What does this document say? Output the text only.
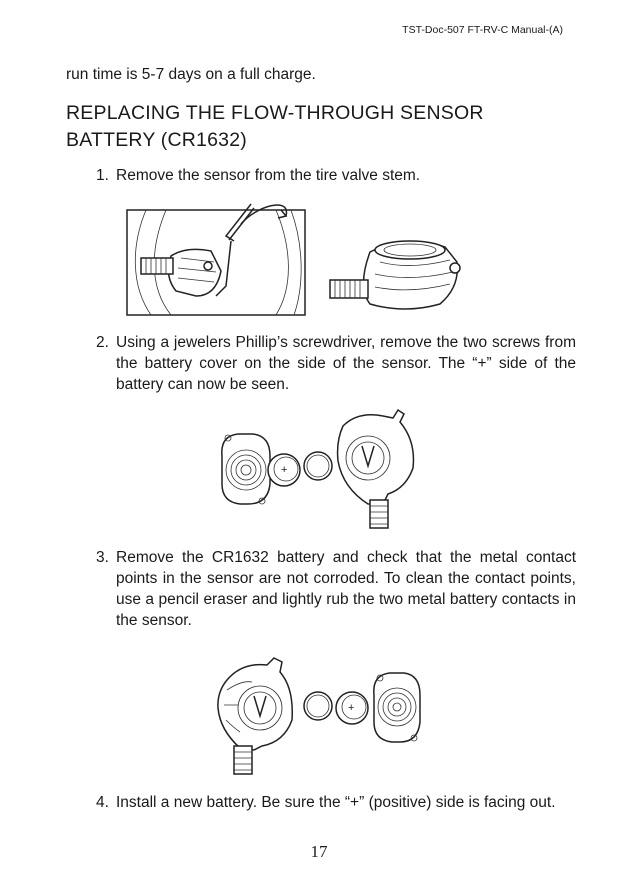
TST-Doc-507 FT-RV-C Manual-(A)
run time is 5-7 days on a full charge.
REPLACING THE FLOW-THROUGH SENSOR BATTERY (CR1632)
1. Remove the sensor from the tire valve stem.
2. Using a jewelers Phillip’s screwdriver, remove the two screws from the battery cover on the side of the sensor. The “+” side of the battery can now be seen.
+
3. Remove the CR1632 battery and check that the metal contact points in the sensor are not corroded. To clean the contact points, use a pencil eraser and lightly rub the two metal battery contacts in the sensor.
+
4. Install a new battery. Be sure the “+” (positive) side is facing out.
17
